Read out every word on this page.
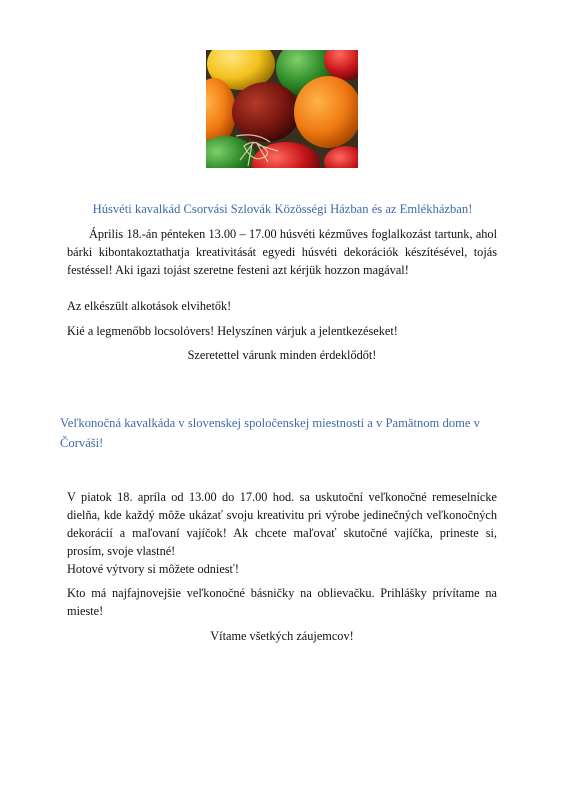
Húsvéti kavalkád Csorvási Szlovák Közösségi Házban és az Emlékházban!

Április 18.-án pénteken 13.00 – 17.00 húsvéti kézműves foglalkozást tartunk, ahol bárki kibontakoztathatja kreativitását egyedi húsvéti dekorációk készítésével, tojás festéssel! Aki igazi tojást szeretne festeni azt kérjük hozzon magával!

Az elkészült alkotások elvihetők!

Kié a legmenőbb locsolóvers! Helyszínen várjuk a jelentkezéseket!

Szeretettel várunk minden érdeklődőt!

Veľkonočná kavalkáda v slovenskej spoločenskej miestnosti a v Pamätnom dome v Čorváši!

V piatok 18. apríla od 13.00 do 17.00 hod. sa uskutoční veľkonočné remeselnícke dielňa, kde každý môže ukázať svoju kreativitu pri výrobe jedinečných veľkonočných dekorácií a maľovaní vajíčok! Ak chcete maľovať skutočné vajíčka, prineste si, prosím, svoje vlastné!

Hotové výtvory si môžete odniesť!

Kto má najfajnovejšie veľkonočné básničky na oblievačku. Prihlášky prívítame na mieste!

Vítame všetkých záujemcov!
